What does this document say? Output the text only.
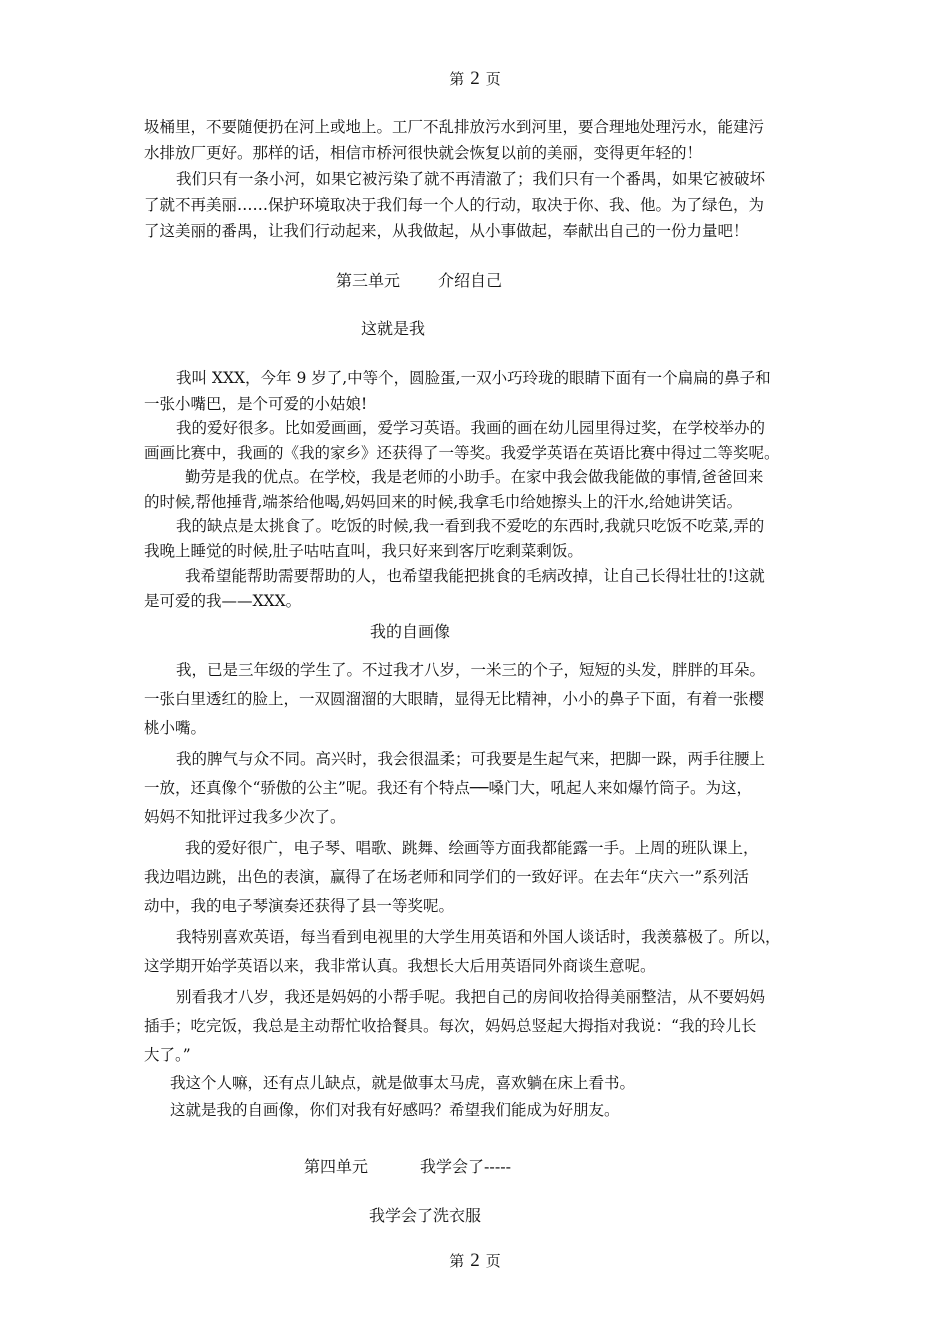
第 2 页
圾桶里，不要随便扔在河上或地上。工厂不乱排放污水到河里，要合理地处理污水，能建污
水排放厂更好。那样的话，相信市桥河很快就会恢复以前的美丽，变得更年轻的！
我们只有一条小河，如果它被污染了就不再清澈了；我们只有一个番禺，如果它被破坏
了就不再美丽……保护环境取决于我们每一个人的行动，取决于你、我、他。为了绿色，为
了这美丽的番禺，让我们行动起来，从我做起，从小事做起，奉献出自己的一份力量吧！
第三单元 介绍自己
这就是我
我叫 XXX，今年 9 岁了,中等个，圆脸蛋,一双小巧玲珑的眼睛下面有一个扁扁的鼻子和
一张小嘴巴，是个可爱的小姑娘!
我的爱好很多。比如爱画画，爱学习英语。我画的画在幼儿园里得过奖，在学校举办的
画画比赛中，我画的《我的家乡》还获得了一等奖。我爱学英语在英语比赛中得过二等奖呢。
勤劳是我的优点。在学校，我是老师的小助手。在家中我会做我能做的事情,爸爸回来
的时候,帮他捶背,端茶给他喝,妈妈回来的时候,我拿毛巾给她擦头上的汗水,给她讲笑话。
我的缺点是太挑食了。吃饭的时候,我一看到我不爱吃的东西时,我就只吃饭不吃菜,弄的
我晚上睡觉的时候,肚子咕咕直叫，我只好来到客厅吃剩菜剩饭。
我希望能帮助需要帮助的人，也希望我能把挑食的毛病改掉，让自己长得壮壮的!这就
是可爱的我——XXX。
我的自画像
我，已是三年级的学生了。不过我才八岁，一米三的个子，短短的头发，胖胖的耳朵。
一张白里透红的脸上，一双圆溜溜的大眼睛，显得无比精神，小小的鼻子下面，有着一张樱
桃小嘴。
我的脾气与众不同。高兴时，我会很温柔；可我要是生起气来，把脚一跺，两手往腰上
一放，还真像个“骄傲的公主”呢。我还有个特点──嗓门大，吼起人来如爆竹筒子。为这，
妈妈不知批评过我多少次了。
我的爱好很广，电子琴、唱歌、跳舞、绘画等方面我都能露一手。上周的班队课上，
我边唱边跳，出色的表演，赢得了在场老师和同学们的一致好评。在去年“庆六一”系列活
动中，我的电子琴演奏还获得了县一等奖呢。
我特别喜欢英语，每当看到电视里的大学生用英语和外国人谈话时，我羡慕极了。所以，
这学期开始学英语以来，我非常认真。我想长大后用英语同外商谈生意呢。
别看我才八岁，我还是妈妈的小帮手呢。我把自己的房间收拾得美丽整洁，从不要妈妈
插手；吃完饭，我总是主动帮忙收拾餐具。每次，妈妈总竖起大拇指对我说：“我的玲儿长
大了。”
我这个人嘛，还有点儿缺点，就是做事太马虎，喜欢躺在床上看书。
这就是我的自画像，你们对我有好感吗？希望我们能成为好朋友。
第四单元	我学会了-----
我学会了洗衣服
第 2 页
